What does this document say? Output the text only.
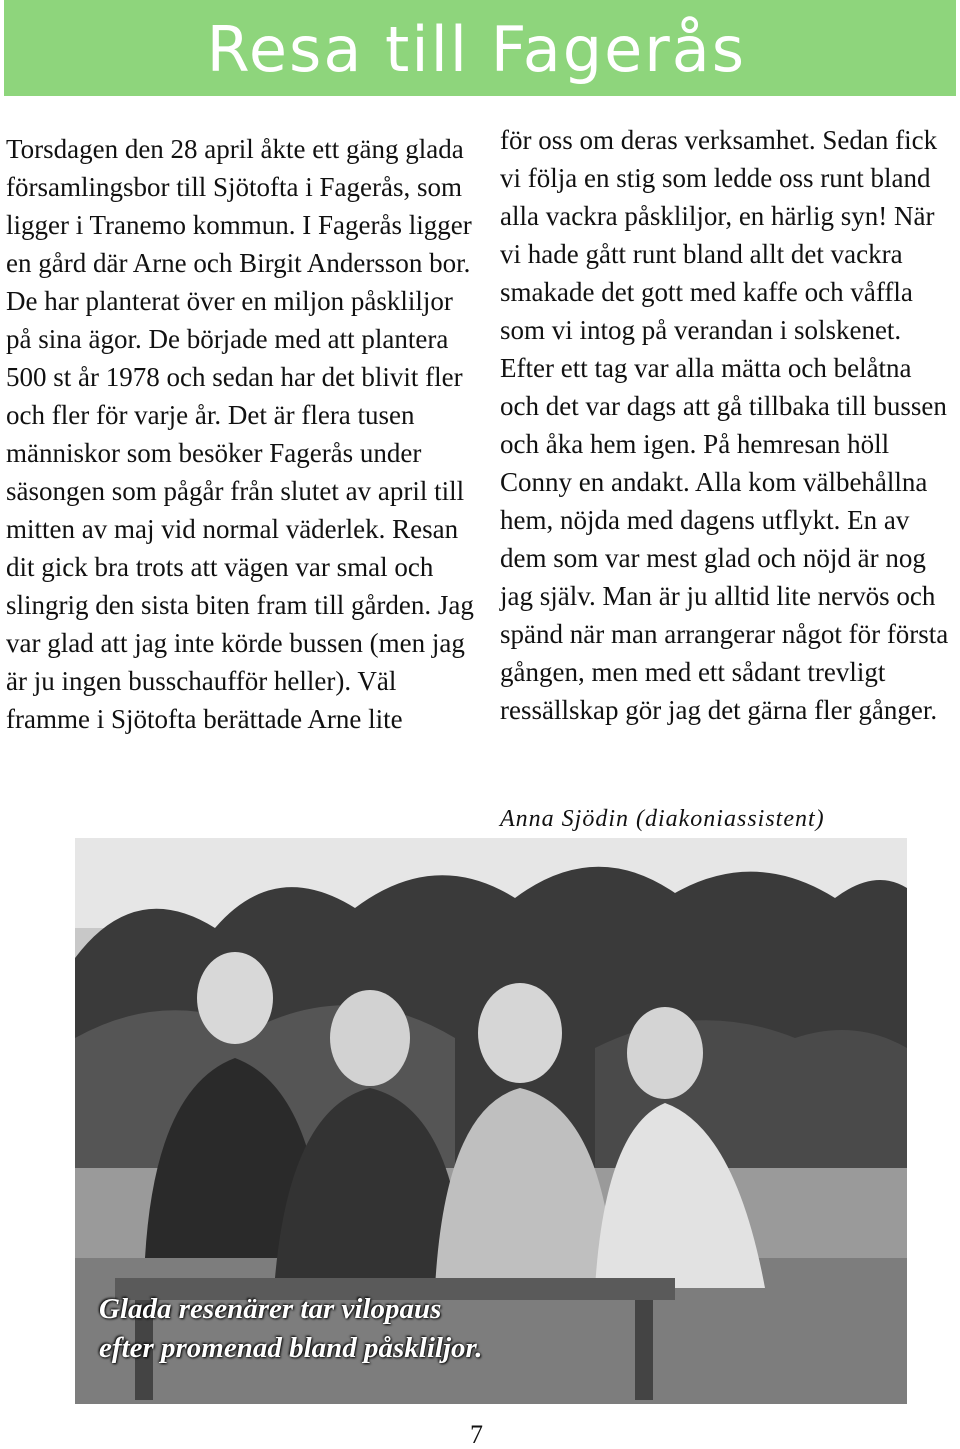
Resa till Fagerås

Torsdagen den 28 april åkte ett gäng glada församlingsbor till Sjötofta i Fagerås, som ligger i Tranemo kommun. I Fagerås ligger en gård där Arne och Birgit Andersson bor. De har planterat över en miljon påskliljor på sina ägor. De började med att plantera 500 st år 1978 och sedan har det blivit fler och fler för varje år. Det är flera tusen människor som besöker Fagerås under säsongen som pågår från slutet av april till mitten av maj vid normal väderlek. Resan dit gick bra trots att vägen var smal och slingrig den sista biten fram till gården. Jag var glad att jag inte körde bussen (men jag är ju ingen busschaufför heller). Väl framme i Sjötofta berättade Arne lite

för oss om deras verksamhet. Sedan fick vi följa en stig som ledde oss runt bland alla vackra påskliljor, en härlig syn! När vi hade gått runt bland allt det vackra smakade det gott med kaffe och våffla som vi intog på verandan i solskenet. Efter ett tag var alla mätta och belåtna och det var dags att gå tillbaka till bussen och åka hem igen. På hemresan höll Conny en andakt. Alla kom välbehållna hem, nöjda med dagens utflykt. En av dem som var mest glad och nöjd är nog jag själv. Man är ju alltid lite nervös och spänd när man arrangerar något för första gången, men med ett sådant trevligt ressällskap gör jag det gärna fler gånger.

Anna Sjödin (diakoniassistent)
Glada resenärer tar vilopaus
efter promenad bland påskliljor.
7
